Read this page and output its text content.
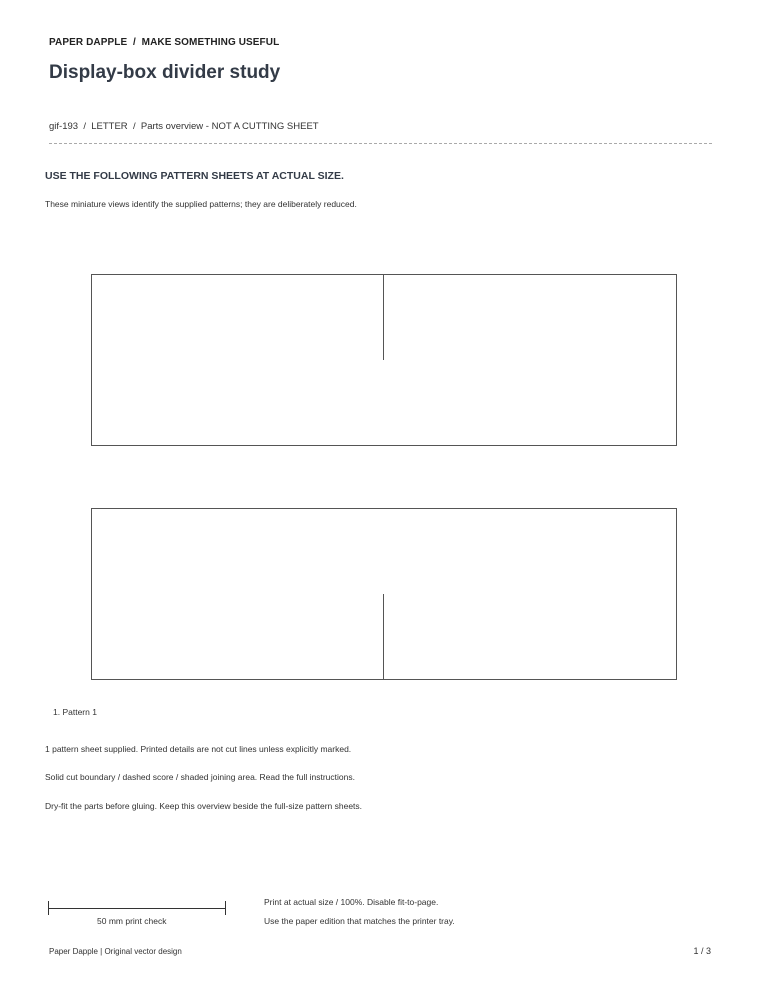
PAPER DAPPLE  /  MAKE SOMETHING USEFUL
Display-box divider study
gif-193  /  LETTER  /  Parts overview - NOT A CUTTING SHEET
USE THE FOLLOWING PATTERN SHEETS AT ACTUAL SIZE.
These miniature views identify the supplied patterns; they are deliberately reduced.
1. Pattern 1
1 pattern sheet supplied. Printed details are not cut lines unless explicitly marked.
Solid cut boundary / dashed score / shaded joining area. Read the full instructions.
Dry-fit the parts before gluing. Keep this overview beside the full-size pattern sheets.
50 mm print check
Print at actual size / 100%. Disable fit-to-page.
Use the paper edition that matches the printer tray.
Paper Dapple | Original vector design	1 / 3
